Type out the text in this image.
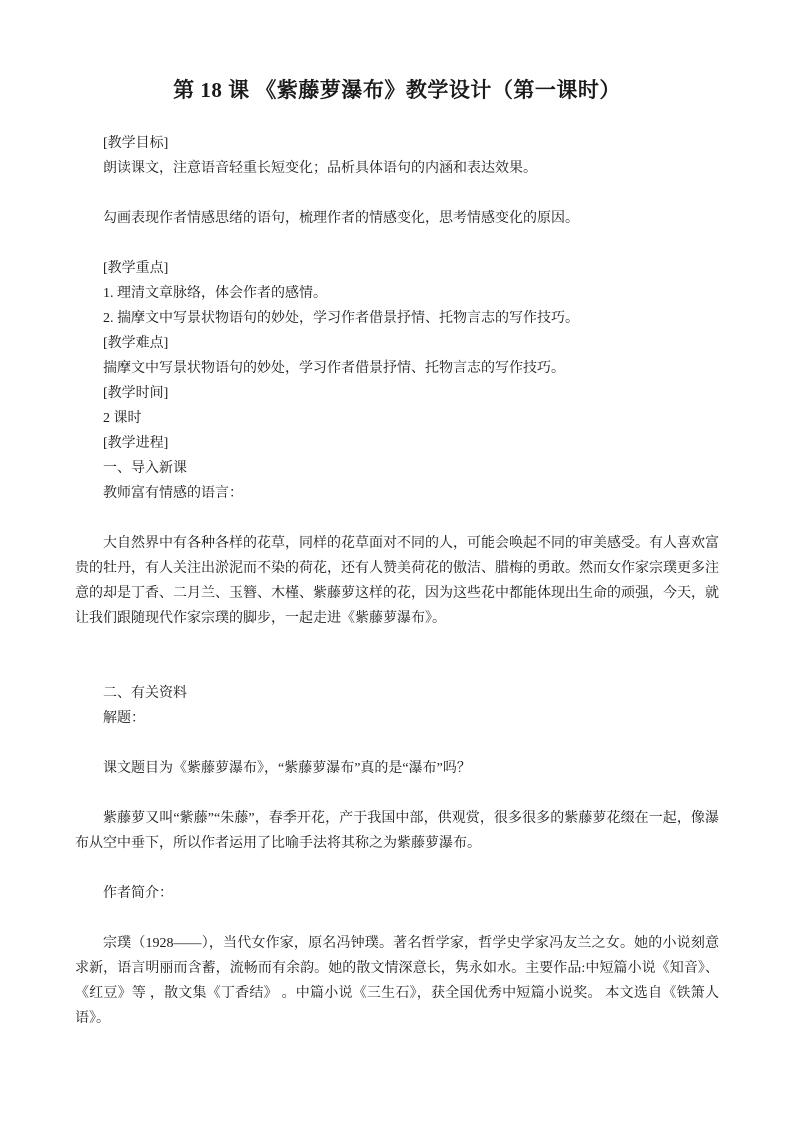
第 18 课 《紫藤萝瀑布》教学设计（第一课时）

[教学目标]

朗读课文，注意语音轻重长短变化；品析具体语句的内涵和表达效果。

勾画表现作者情感思绪的语句，梳理作者的情感变化，思考情感变化的原因。

[教学重点]

1. 理清文章脉络，体会作者的感情。

2. 揣摩文中写景状物语句的妙处，学习作者借景抒情、托物言志的写作技巧。

[教学难点]

揣摩文中写景状物语句的妙处，学习作者借景抒情、托物言志的写作技巧。

[教学时间]

2 课时

[教学进程]

一、导入新课

教师富有情感的语言：

大自然界中有各种各样的花草，同样的花草面对不同的人，可能会唤起不同的审美感受。有人喜欢富贵的牡丹，有人关注出淤泥而不染的荷花，还有人赞美荷花的傲洁、腊梅的勇敢。然而女作家宗璞更多注意的却是丁香、二月兰、玉簪、木槿、紫藤萝这样的花，因为这些花中都能体现出生命的顽强，今天，就让我们跟随现代作家宗璞的脚步，一起走进《紫藤萝瀑布》。

二、有关资料

解题：

课文题目为《紫藤萝瀑布》，“紫藤萝瀑布”真的是“瀑布”吗？

紫藤萝又叫“紫藤”“朱藤”，春季开花，产于我国中部，供观赏，很多很多的紫藤萝花缀在一起，像瀑布从空中垂下，所以作者运用了比喻手法将其称之为紫藤萝瀑布。

作者简介：

宗璞（1928——），当代女作家，原名冯钟璞。著名哲学家，哲学史学家冯友兰之女。她的小说刻意求新，语言明丽而含蓄，流畅而有余韵。她的散文情深意长，隽永如水。主要作品:中短篇小说《知音》、《红豆》等 ，散文集《丁香结》 。中篇小说《三生石》，获全国优秀中短篇小说奖。 本文选自《铁箫人语》。
